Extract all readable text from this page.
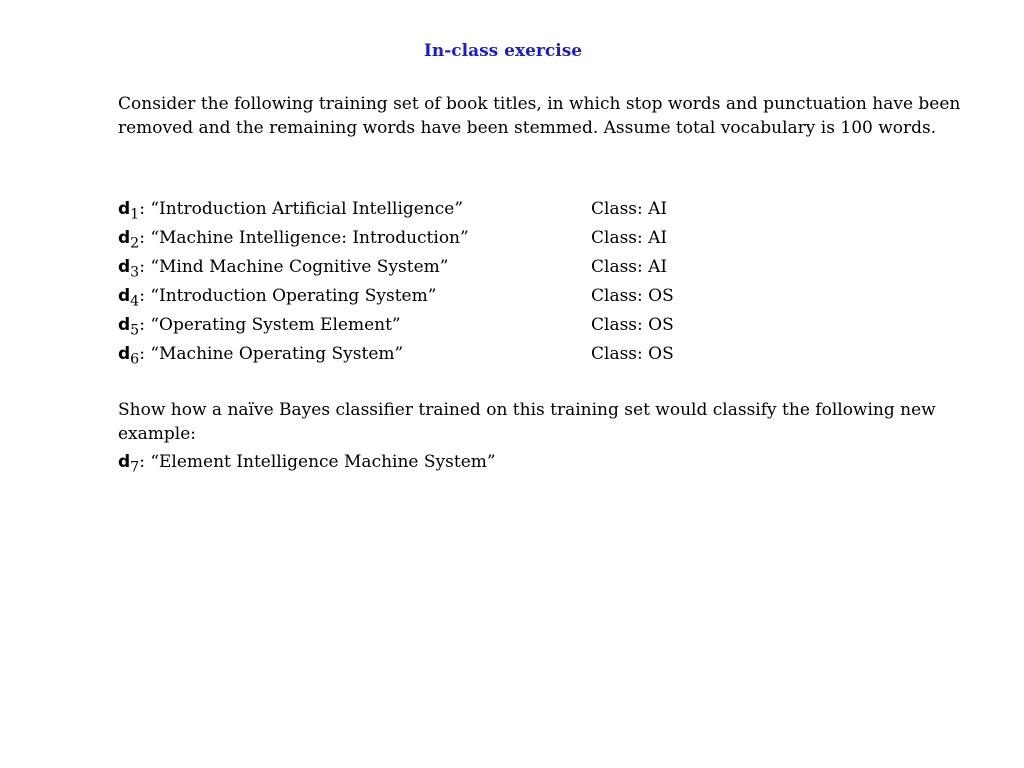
In-class exercise

Consider the following training set of book titles, in which stop words and punctuation have been removed and the remaining words have been stemmed. Assume total vocabulary is 100 words.

$d_1$: “Introduction Artificial Intelligence”	Class: AI
$d_2$: “Machine Intelligence: Introduction”	Class: AI
$d_3$: “Mind Machine Cognitive System”	Class: AI
$d_4$: “Introduction Operating System”	Class: OS
$d_5$: “Operating System Element”	Class: OS
$d_6$: “Machine Operating System”	Class: OS

Show how a naïve Bayes classifier trained on this training set would classify the following new example:

$d_7$: “Element Intelligence Machine System”
